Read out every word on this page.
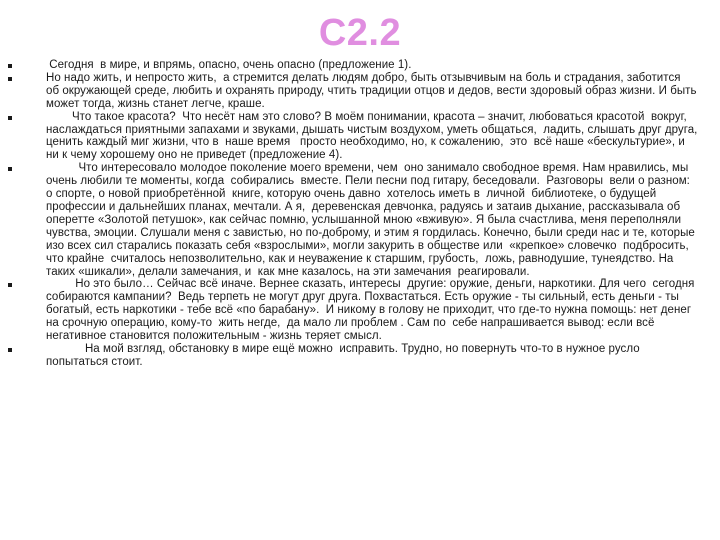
C2.2
Сегодня  в мире, и впрямь, опасно, очень опасно (предложение 1).
Но надо жить, и непросто жить,  а стремится делать людям добро, быть отзывчивым на боль и страдания, заботится  об окружающей среде, любить и охранять природу, чтить традиции отцов и дедов, вести здоровый образ жизни. И быть может тогда, жизнь станет легче, краше.
Что такое красота?  Что несёт нам это слово? В моём понимании, красота – значит, любоваться красотой  вокруг, наслаждаться приятными запахами и звуками, дышать чистым воздухом, уметь общаться,  ладить, слышать друг друга, ценить каждый миг жизни, что в  наше время   просто необходимо, но, к сожалению,  это  всё наше «бескультурие», и ни к чему хорошему оно не приведет (предложение 4).
Что интересовало молодое поколение моего времени, чем  оно занимало свободное время. Нам нравились, мы  очень любили те моменты, когда  собирались  вместе. Пели песни под гитару, беседовали.  Разговоры  вели о разном: о спорте, о новой приобретённой  книге, которую очень давно  хотелось иметь в  личной  библиотеке, о будущей профессии и дальнейших планах, мечтали. А я,  деревенская девчонка, радуясь и затаив дыхание, рассказывала об оперетте «Золотой петушок», как сейчас помню, услышанной мною «вживую». Я была счастлива, меня переполняли чувства, эмоции. Слушали меня с завистью, но по-доброму, и этим я гордилась. Конечно, были среди нас и те, которые изо всех сил старались показать себя «взрослыми», могли закурить в обществе или  «крепкое» словечко  подбросить, что крайне  считалось непозволительно, как и неуважение к старшим, грубость,  ложь, равнодушие, тунеядство. На таких «шикали», делали замечания, и  как мне казалось, на эти замечания  реагировали.
Но это было… Сейчас всё иначе. Вернее сказать, интересы  другие: оружие, деньги, наркотики. Для чего  сегодня собираются кампании?  Ведь терпеть не могут друг друга. Похвастаться. Есть оружие - ты сильный, есть деньги - ты богатый, есть наркотики - тебе всё «по барабану».  И никому в голову не приходит, что где-то нужна помощь: нет денег на срочную операцию, кому-то  жить негде,  да мало ли проблем . Сам по  себе напрашивается вывод: если всё негативное становится положительным - жизнь теряет смысл.
На мой взгляд, обстановку в мире ещё можно  исправить. Трудно, но повернуть что-то в нужное русло  попытаться стоит.
